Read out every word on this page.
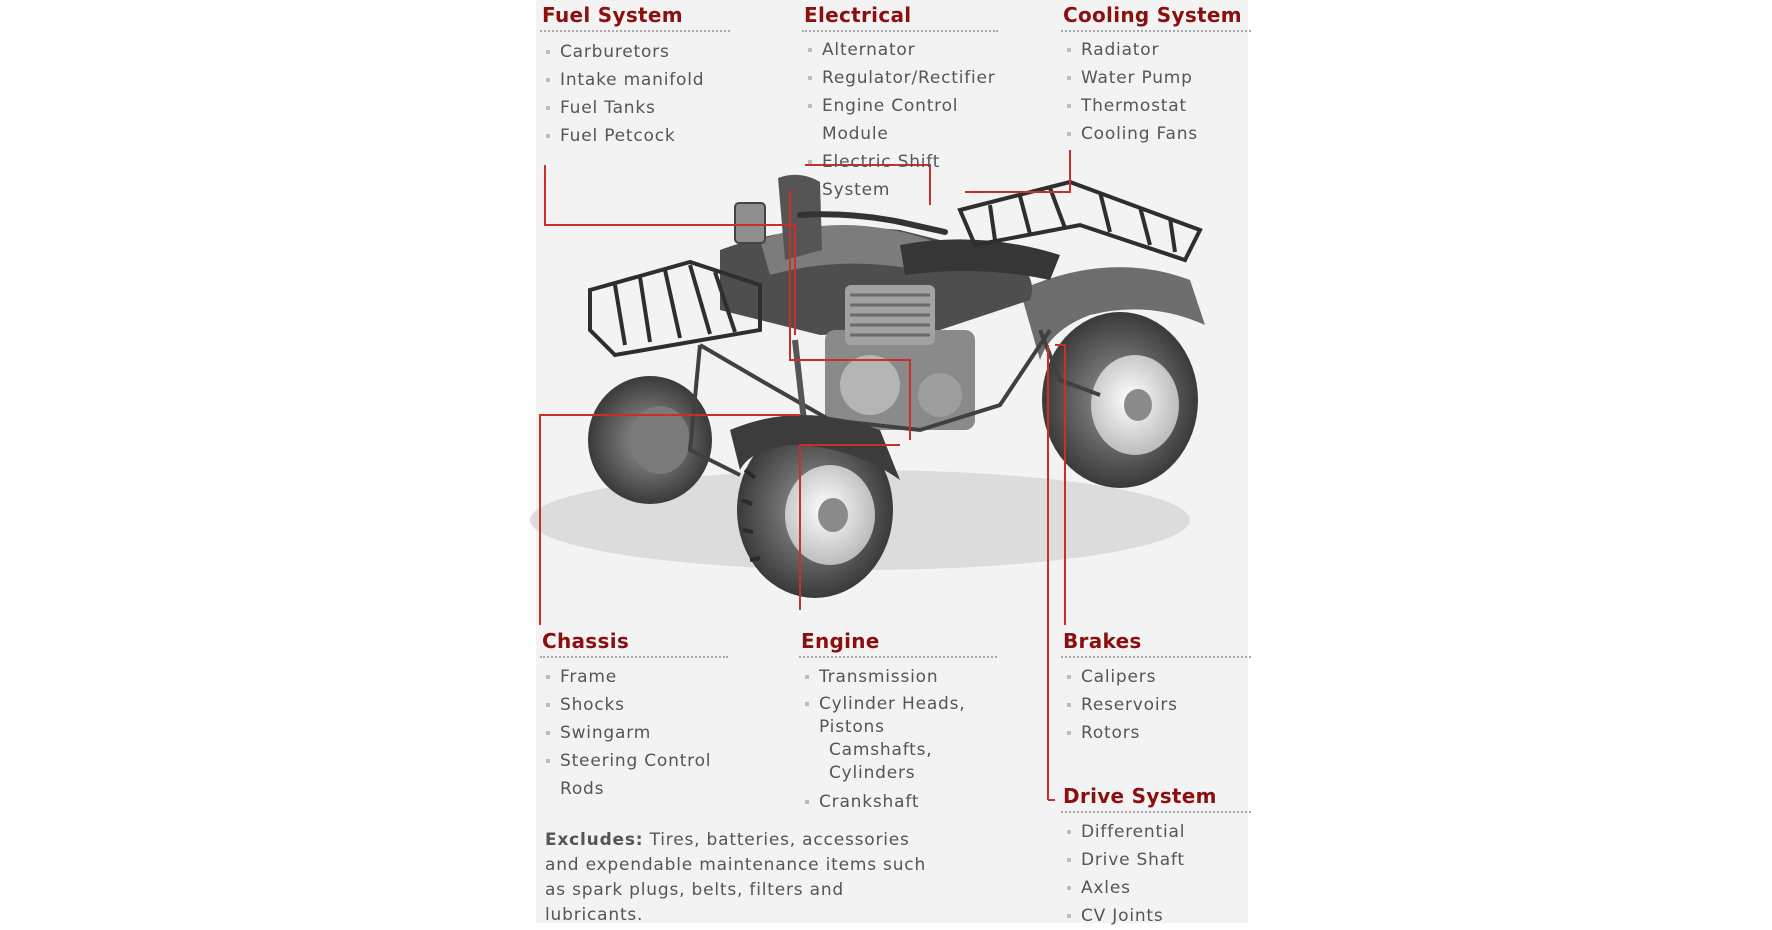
Fuel System
Carburetors
Intake manifold
Fuel Tanks
Fuel Petcock
Electrical
Alternator
Regulator/Rectifier
Engine Control Module
Electric Shift System
Cooling System
Radiator
Water Pump
Thermostat
Cooling Fans
Chassis
Frame
Shocks
Swingarm
Steering Control Rods
Engine
Transmission
Cylinder Heads, Pistons
Camshafts, Cylinders
Crankshaft
Brakes
Calipers
Reservoirs
Rotors
Drive System
Differential
Drive Shaft
Axles
CV Joints
Excludes: Tires, batteries, accessories and expendable maintenance items such as spark plugs, belts, filters and lubricants.
